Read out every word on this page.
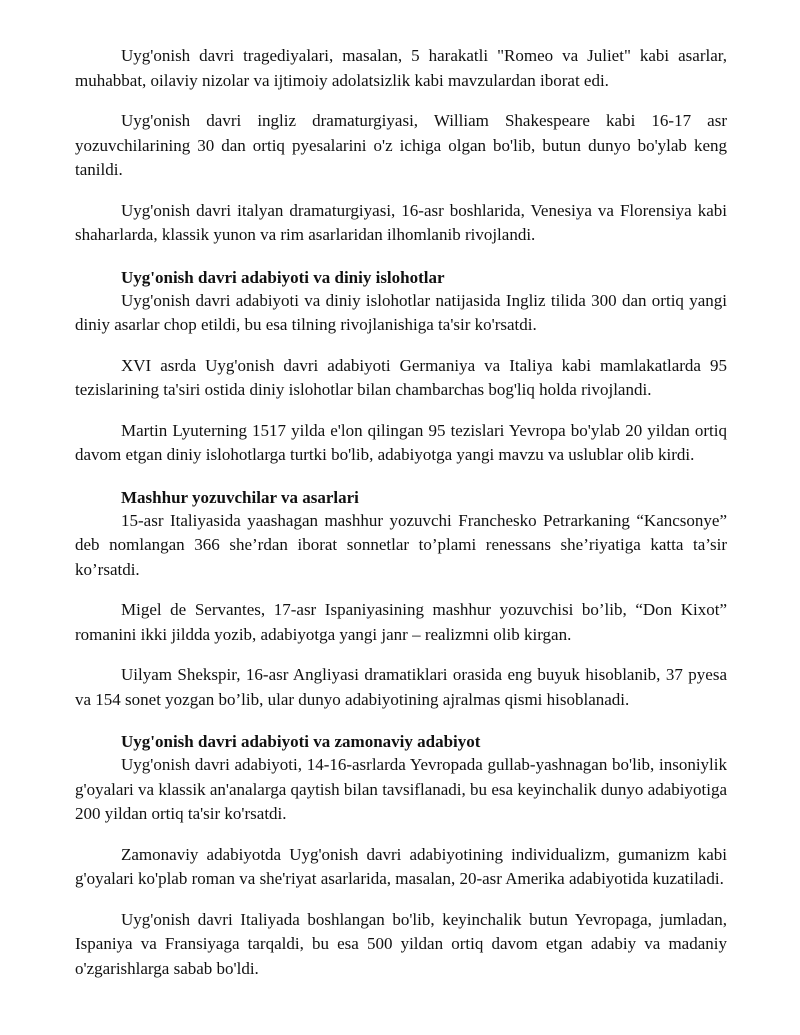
Uyg'onish davri tragediyalari, masalan, 5 harakatli "Romeo va Juliet" kabi asarlar, muhabbat, oilaviy nizolar va ijtimoiy adolatsizlik kabi mavzulardan iborat edi.

Uyg'onish davri ingliz dramaturgiyasi, William Shakespeare kabi 16-17 asr yozuvchilarining 30 dan ortiq pyesalarini o'z ichiga olgan bo'lib, butun dunyo bo'ylab keng tanildi.

Uyg'onish davri italyan dramaturgiyasi, 16-asr boshlarida, Venesiya va Florensiya kabi shaharlarda, klassik yunon va rim asarlaridan ilhomlanib rivojlandi.

Uyg'onish davri adabiyoti va diniy islohotlar

Uyg'onish davri adabiyoti va diniy islohotlar natijasida Ingliz tilida 300 dan ortiq yangi diniy asarlar chop etildi, bu esa tilning rivojlanishiga ta'sir ko'rsatdi.

XVI asrda Uyg'onish davri adabiyoti Germaniya va Italiya kabi mamlakatlarda 95 tezislarining ta'siri ostida diniy islohotlar bilan chambarchas bog'liq holda rivojlandi.

Martin Lyuterning 1517 yilda e'lon qilingan 95 tezislari Yevropa bo'ylab 20 yildan ortiq davom etgan diniy islohotlarga turtki bo'lib, adabiyotga yangi mavzu va uslublar olib kirdi.

Mashhur yozuvchilar va asarlari

15-asr Italiyasida yaashagan mashhur yozuvchi Franchesko Petrarkaning “Kancsonye” deb nomlangan 366 she’rdan iborat sonnetlar to’plami renessans she’riyatiga katta ta’sir ko’rsatdi.

Migel de Servantes, 17-asr Ispaniyasining mashhur yozuvchisi bo’lib, “Don Kixot” romanini ikki jildda yozib, adabiyotga yangi janr – realizmni olib kirgan.

Uilyam Shekspir, 16-asr Angliyasi dramatiklari orasida eng buyuk hisoblanib, 37 pyesa va 154 sonet yozgan bo’lib, ular dunyo adabiyotining ajralmas qismi hisoblanadi.

Uyg'onish davri adabiyoti va zamonaviy adabiyot

Uyg'onish davri adabiyoti, 14-16-asrlarda Yevropada gullab-yashnagan bo'lib, insoniylik g'oyalari va klassik an'analarga qaytish bilan tavsiflanadi, bu esa keyinchalik dunyo adabiyotiga 200 yildan ortiq ta'sir ko'rsatdi.

Zamonaviy adabiyotda Uyg'onish davri adabiyotining individualizm, gumanizm kabi g'oyalari ko'plab roman va she'riyat asarlarida, masalan, 20-asr Amerika adabiyotida kuzatiladi.

Uyg'onish davri Italiyada boshlangan bo'lib, keyinchalik butun Yevropaga, jumladan, Ispaniya va Fransiyaga tarqaldi, bu esa 500 yildan ortiq davom etgan adabiy va madaniy o'zgarishlarga sabab bo'ldi.
